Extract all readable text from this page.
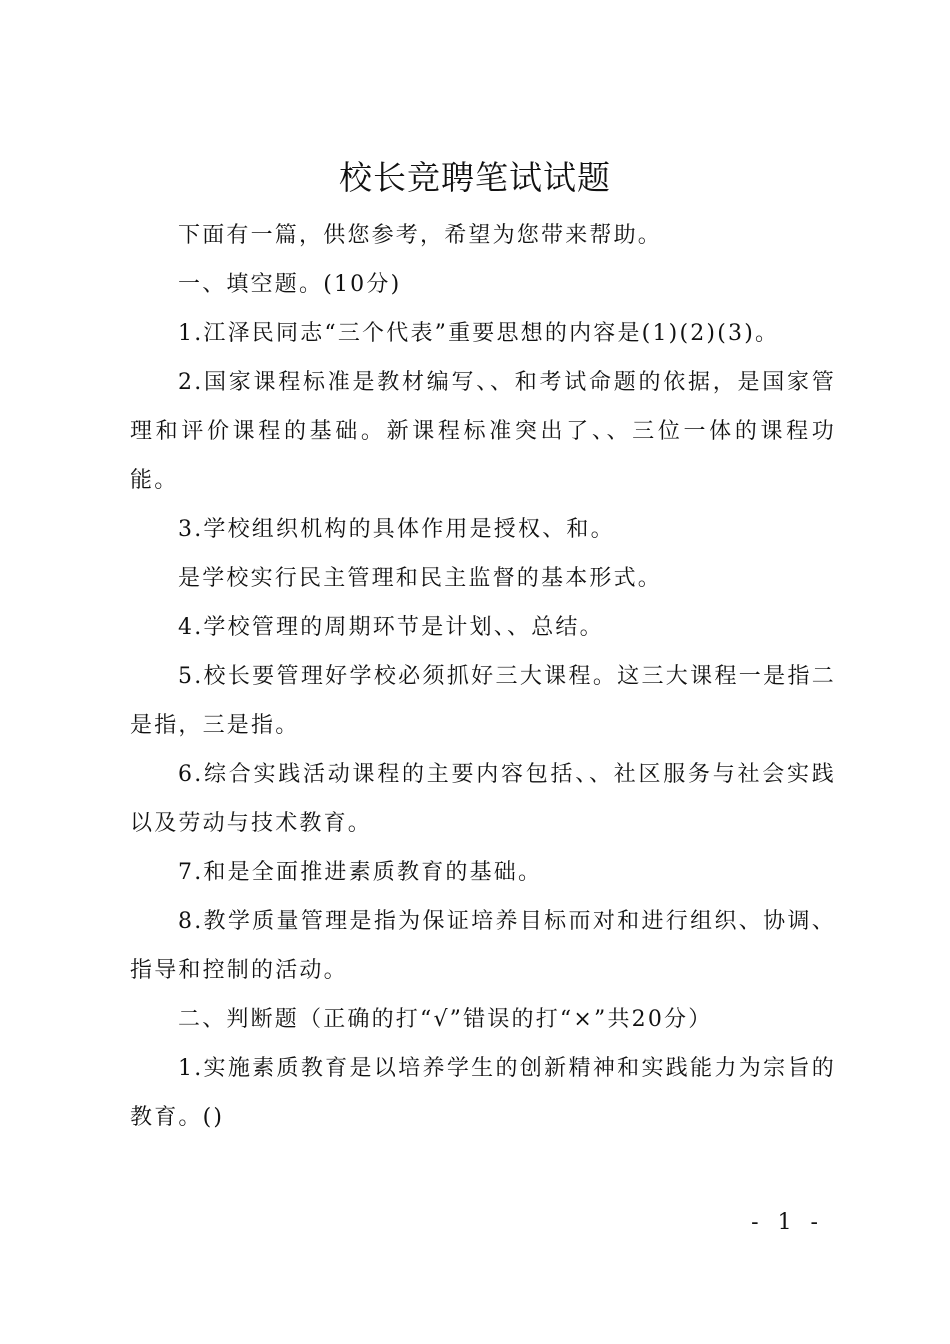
校长竞聘笔试试题

下面有一篇，供您参考，希望为您带来帮助。

一、填空题。(10分)

1.江泽民同志“三个代表”重要思想的内容是(1)(2)(3)。

2.国家课程标准是教材编写、、和考试命题的依据，是国家管理和评价课程的基础。新课程标准突出了、、三位一体的课程功能。

3.学校组织机构的具体作用是授权、和。

是学校实行民主管理和民主监督的基本形式。

4.学校管理的周期环节是计划、、总结。

5.校长要管理好学校必须抓好三大课程。这三大课程一是指二是指，三是指。

6.综合实践活动课程的主要内容包括、、社区服务与社会实践以及劳动与技术教育。

7.和是全面推进素质教育的基础。

8.教学质量管理是指为保证培养目标而对和进行组织、协调、指导和控制的活动。

二、判断题（正确的打“√”错误的打“×”共20分）

1.实施素质教育是以培养学生的创新精神和实践能力为宗旨的教育。()

- 1 -
